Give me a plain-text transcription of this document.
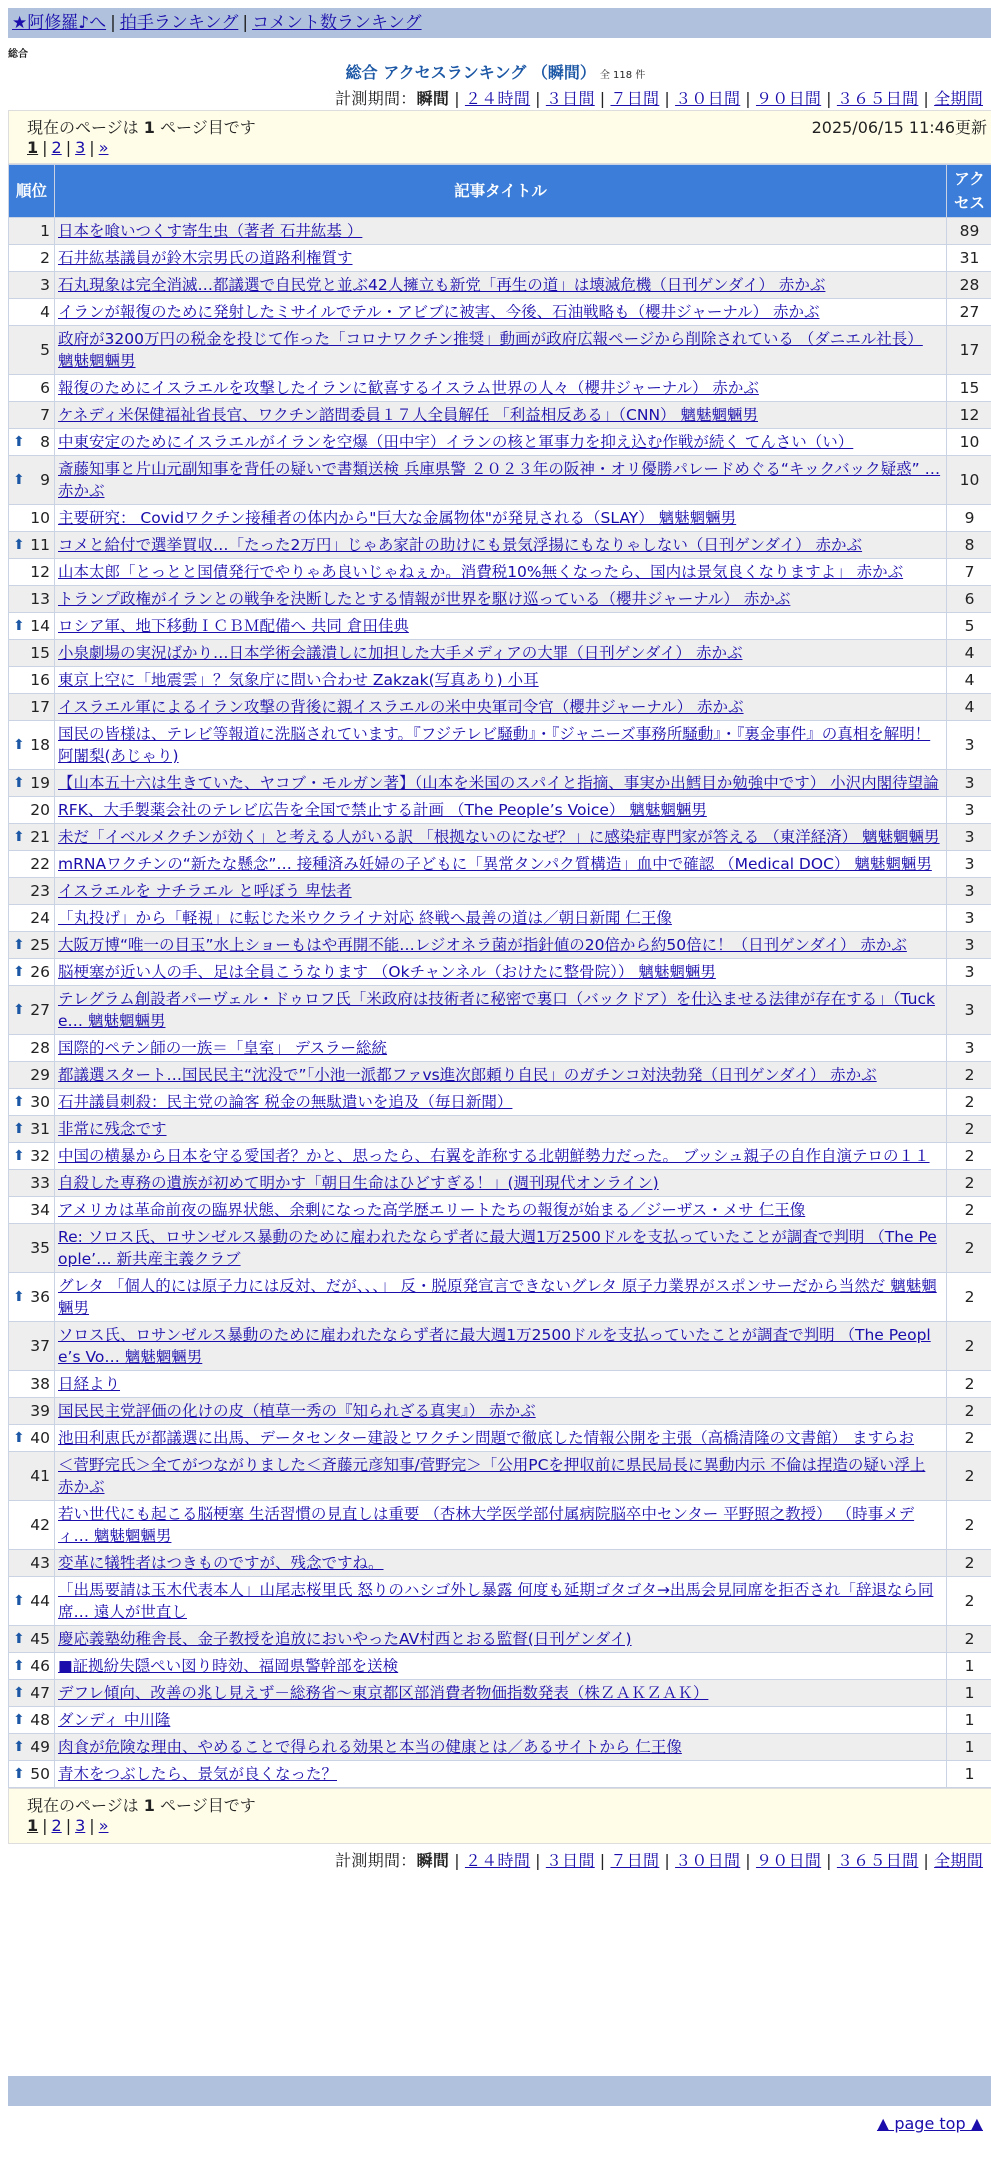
★阿修羅♪へ | 拍手ランキング | コメント数ランキング
総合
総合 アクセスランキング （瞬間） 全 118 件
計測期間：瞬間 | ２４時間 | ３日間 | ７日間 | ３０日間 | ９０日間 | ３６５日間 | 全期間
現在のページは 1 ページ目です	2025/06/15 11:46更新
1 | 2 | 3 | »
順位	記事タイトル	アクセス
1	日本を喰いつくす寄生虫（著者 石井紘基 ）	89
2	石井紘基議員が鈴木宗男氏の道路利権質す	31
3	石丸現象は完全消滅…都議選で自民党と並ぶ42人擁立も新党「再生の道」は壊滅危機（日刊ゲンダイ） 赤かぶ	28
4	イランが報復のために発射したミサイルでテル・アビブに被害、今後、石油戦略も（櫻井ジャーナル） 赤かぶ	27
5	政府が3200万円の税金を投じて作った「コロナワクチン推奨」動画が政府広報ページから削除されている （ダニエル社長） 魑魅魍魎男	17
6	報復のためにイスラエルを攻撃したイランに歓喜するイスラム世界の人々（櫻井ジャーナル） 赤かぶ	15
7	ケネディ米保健福祉省長官、ワクチン諮問委員１７人全員解任 「利益相反ある」（CNN） 魑魅魍魎男	12

⬆ 8	中東安定のためにイスラエルがイランを空爆（田中宇）イランの核と軍事力を抑え込む作戦が続く てんさい（い）	10

⬆ 9	斎藤知事と片山元副知事を背任の疑いで書類送検 兵庫県警 ２０２３年の阪神・オリ優勝パレードめぐる“キックバック疑惑” … 赤かぶ	10
10	主要研究： Covidワクチン接種者の体内から"巨大な金属物体"が発見される（SLAY） 魑魅魍魎男	9

⬆ 11	コメと給付で選挙買収…「たった2万円」じゃあ家計の助けにも景気浮揚にもなりゃしない（日刊ゲンダイ） 赤かぶ	8
12	山本太郎「とっとと国債発行でやりゃあ良いじゃねぇか。消費税10%無くなったら、国内は景気良くなりますよ」 赤かぶ	7
13	トランプ政権がイランとの戦争を決断したとする情報が世界を駆け巡っている（櫻井ジャーナル） 赤かぶ	6

⬆ 14	ロシア軍、地下移動ＩＣＢＭ配備へ 共同 倉田佳典	5
15	小泉劇場の実況ばかり…日本学術会議潰しに加担した大手メディアの大罪（日刊ゲンダイ） 赤かぶ	4
16	東京上空に「地震雲」？気象庁に問い合わせ Zakzak(写真あり) 小耳	4
17	イスラエル軍によるイラン攻撃の背後に親イスラエルの米中央軍司令官（櫻井ジャーナル） 赤かぶ	4

⬆ 18	国民の皆様は、テレビ等報道に洗脳されています。『フジテレビ騒動』・『ジャニーズ事務所騒動』・『裏金事件』の真相を解明！ 阿闍梨(あじゃり)	3

⬆ 19	【山本五十六は生きていた、ヤコブ・モルガン著】（山本を米国のスパイと指摘、事実か出鱈目か勉強中です） 小沢内閣待望論	3
20	RFK、大手製薬会社のテレビ広告を全国で禁止する計画 （The People’s Voice） 魑魅魍魎男	3

⬆ 21	未だ「イベルメクチンが効く」と考える人がいる訳 「根拠ないのになぜ？」に感染症専門家が答える （東洋経済） 魑魅魍魎男	3
22	mRNAワクチンの“新たな懸念”… 接種済み妊婦の子どもに「異常タンパク質構造」血中で確認 （Medical DOC） 魑魅魍魎男	3
23	イスラエルを ナチラエル と呼ぼう 卑怯者	3
24	「丸投げ」から「軽視」に転じた米ウクライナ対応 終戦へ最善の道は／朝日新聞 仁王像	3

⬆ 25	大阪万博“唯一の目玉”水上ショーもはや再開不能…レジオネラ菌が指針値の20倍から約50倍に！（日刊ゲンダイ） 赤かぶ	3

⬆ 26	脳梗塞が近い人の手、足は全員こうなります （Okチャンネル（おけたに整骨院）） 魑魅魍魎男	3

⬆ 27	テレグラム創設者パーヴェル・ドゥロフ氏「米政府は技術者に秘密で裏口（バックドア）を仕込ませる法律が存在する」（Tucke… 魑魅魍魎男	3
28	国際的ペテン師の一族＝「皇室」 デスラー総統	3
29	都議選スタート…国民民主“沈没で”「小池一派都ファvs進次郎頼り自民」のガチンコ対決勃発（日刊ゲンダイ） 赤かぶ	2

⬆ 30	石井議員刺殺：民主党の論客 税金の無駄遣いを追及（毎日新聞）	2

⬆ 31	非常に残念です	2

⬆ 32	中国の横暴から日本を守る愛国者？かと、思ったら、右翼を詐称する北朝鮮勢力だった。 ブッシュ親子の自作自演テロの１１	2
33	自殺した専務の遺族が初めて明かす「朝日生命はひどすぎる！」(週刊現代オンライン)	2
34	アメリカは革命前夜の臨界状態、余剰になった高学歴エリートたちの報復が始まる／ジーザス・メサ 仁王像	2
35	Re: ソロス氏、ロサンゼルス暴動のために雇われたならず者に最大週1万2500ドルを支払っていたことが調査で判明 （The People’… 新共産主義クラブ	2

⬆ 36	グレタ 「個人的には原子力には反対、だが、、、」 反・脱原発宣言できないグレタ 原子力業界がスポンサーだから当然だ 魑魅魍魎男	2
37	ソロス氏、ロサンゼルス暴動のために雇われたならず者に最大週1万2500ドルを支払っていたことが調査で判明 （The People’s Vo… 魑魅魍魎男	2
38	日経より	2
39	国民民主党評価の化けの皮（植草一秀の『知られざる真実』） 赤かぶ	2

⬆ 40	池田利恵氏が都議選に出馬、データセンター建設とワクチン問題で徹底した情報公開を主張（高橋清隆の文書館） ますらお	2
41	＜菅野完氏＞全てがつながりました＜斉藤元彦知事/菅野完＞「公用PCを押収前に県民局長に異動内示 不倫は捏造の疑い浮上 赤かぶ	2
42	若い世代にも起こる脳梗塞 生活習慣の見直しは重要 （杏林大学医学部付属病院脳卒中センター 平野照之教授） （時事メディ… 魑魅魍魎男	2
43	変革に犠牲者はつきものですが、残念ですね。	2

⬆ 44	「出馬要請は玉木代表本人」山尾志桜里氏 怒りのハシゴ外し暴露 何度も延期ゴタゴタ→出馬会見同席を拒否され「辞退なら同席… 遠人が世直し	2

⬆ 45	慶応義塾幼稚舎長、金子教授を追放においやったAV村西とおる監督(日刊ゲンダイ)	2

⬆ 46	■証拠紛失隠ぺい図り時効、福岡県警幹部を送検	1

⬆ 47	デフレ傾向、改善の兆し見えず－総務省～東京都区部消費者物価指数発表（株ＺＡＫＺＡＫ）	1

⬆ 48	ダンディ 中川隆	1

⬆ 49	肉食が危険な理由、やめることで得られる効果と本当の健康とは／あるサイトから 仁王像	1

⬆ 50	青木をつぶしたら、景気が良くなった？	1
現在のページは 1 ページ目です
1 | 2 | 3 | »
計測期間：瞬間 | ２４時間 | ３日間 | ７日間 | ３０日間 | ９０日間 | ３６５日間 | 全期間
▲ page top ▲
